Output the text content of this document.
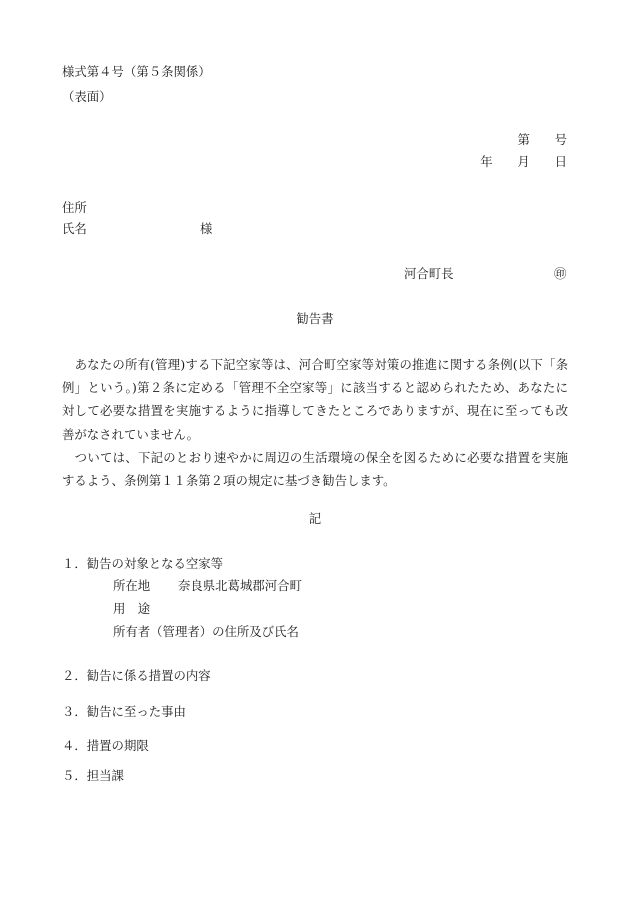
様式第４号（第５条関係）
（表面）
第　　号
年　　月　　日
住所
氏名	様
河合町長	㊞
勧告書
　あなたの所有(管理)する下記空家等は、河合町空家等対策の推進に関する条例(以下「条
例」という。)第２条に定める「管理不全空家等」に該当すると認められたため、あなたに
対して必要な措置を実施するように指導してきたところでありますが、現在に至っても改
善がなされていません。
　ついては、下記のとおり速やかに周辺の生活環境の保全を図るために必要な措置を実施
するよう、条例第１１条第２項の規定に基づき勧告します。
記
１．勧告の対象となる空家等
所在地 奈良県北葛城郡河合町
用　途
所有者（管理者）の住所及び氏名
２．勧告に係る措置の内容
３．勧告に至った事由
４．措置の期限
５．担当課
